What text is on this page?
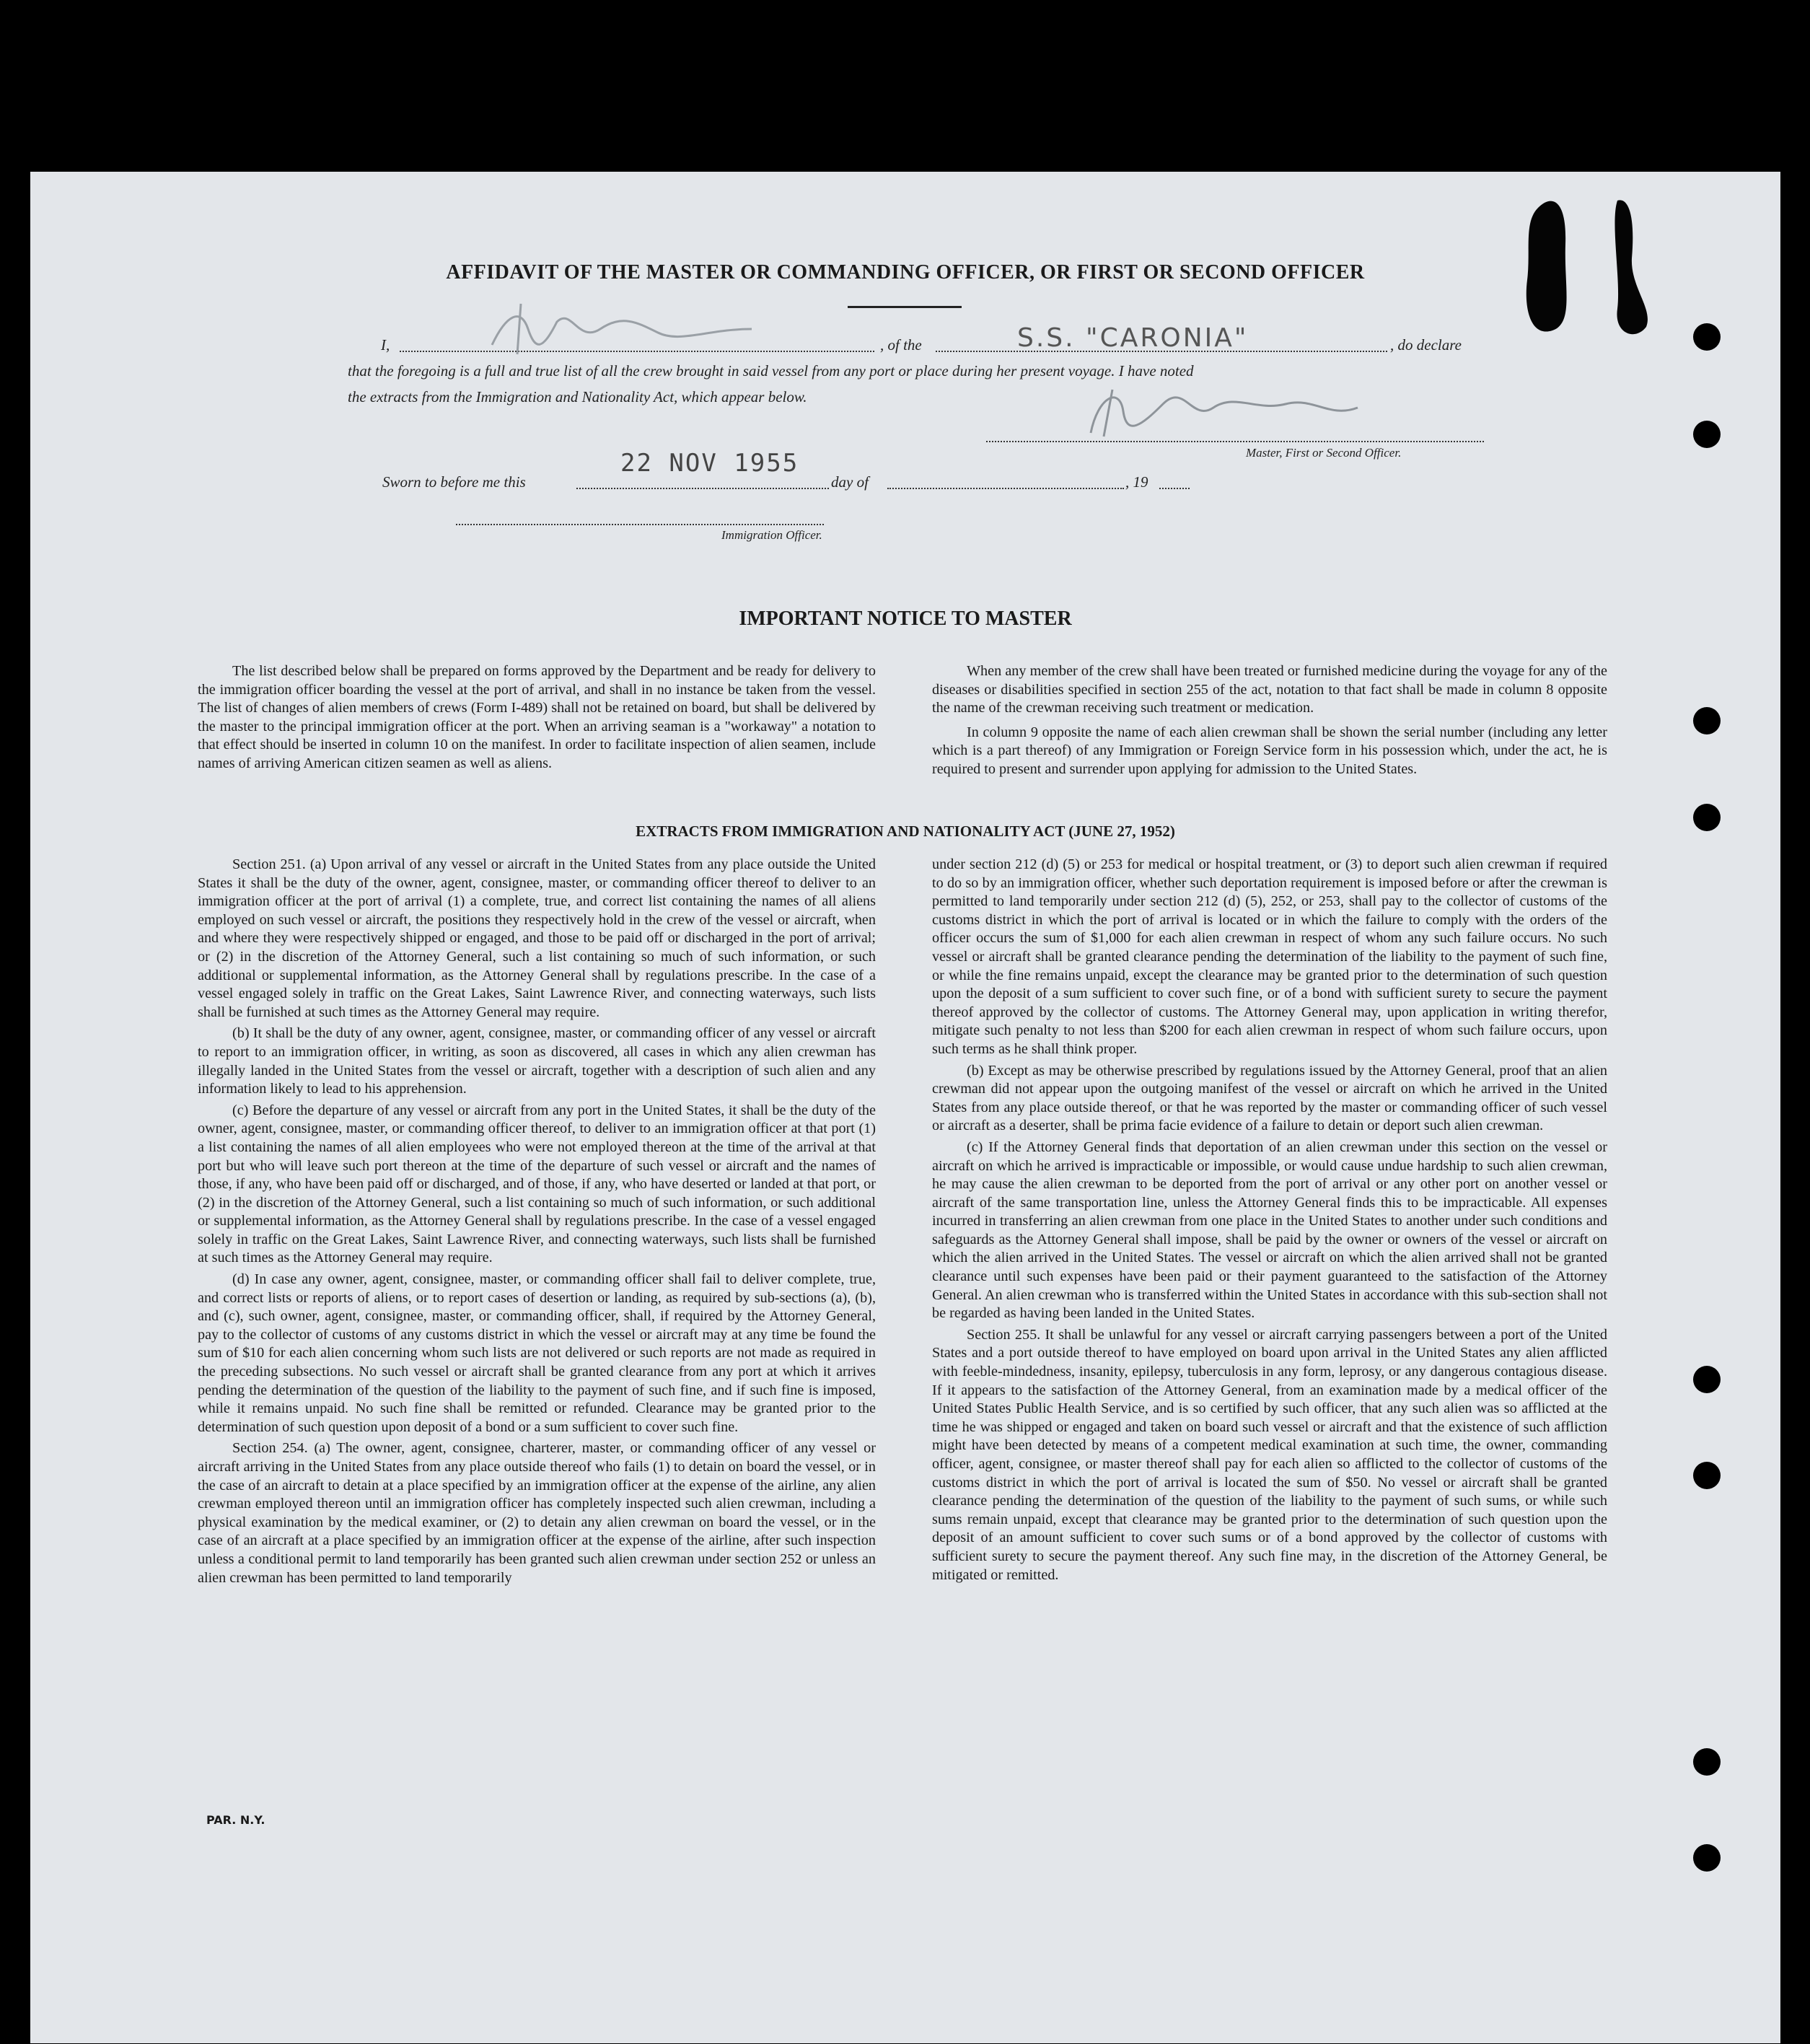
AFFIDAVIT OF THE MASTER OR COMMANDING OFFICER, OR FIRST OR SECOND OFFICER
I,	, of the	S.S. "CARONIA"	, do declare
that the foregoing is a full and true list of all the crew brought in said vessel from any port or place during her present voyage. I have noted
the extracts from the Immigration and Nationality Act, which appear below.
Master, First or Second Officer.
Sworn to before me this
22 NOV 1955
day of	, 19
Immigration Officer.
IMPORTANT NOTICE TO MASTER

The list described below shall be prepared on forms approved by the Department and be ready for delivery to the immigration officer boarding the vessel at the port of arrival, and shall in no instance be taken from the vessel. The list of changes of alien members of crews (Form I-489) shall not be retained on board, but shall be delivered by the master to the principal immigration officer at the port. When an arriving seaman is a "workaway" a notation to that effect should be inserted in column 10 on the manifest. In order to facilitate inspection of alien seamen, include names of arriving American citizen seamen as well as aliens.

When any member of the crew shall have been treated or furnished medicine during the voyage for any of the diseases or disabilities specified in section 255 of the act, notation to that fact shall be made in column 8 opposite the name of the crewman receiving such treatment or medication.

In column 9 opposite the name of each alien crewman shall be shown the serial number (including any letter which is a part thereof) of any Immigration or Foreign Service form in his possession which, under the act, he is required to present and surrender upon applying for admission to the United States.

EXTRACTS FROM IMMIGRATION AND NATIONALITY ACT (JUNE 27, 1952)

Section 251. (a) Upon arrival of any vessel or aircraft in the United States from any place outside the United States it shall be the duty of the owner, agent, consignee, master, or commanding officer thereof to deliver to an immigration officer at the port of arrival (1) a complete, true, and correct list containing the names of all aliens employed on such vessel or aircraft, the positions they respectively hold in the crew of the vessel or aircraft, when and where they were respectively shipped or engaged, and those to be paid off or discharged in the port of arrival; or (2) in the discretion of the Attorney General, such a list containing so much of such information, or such additional or supplemental information, as the Attorney General shall by regulations prescribe. In the case of a vessel engaged solely in traffic on the Great Lakes, Saint Lawrence River, and connecting waterways, such lists shall be furnished at such times as the Attorney General may require.

(b) It shall be the duty of any owner, agent, consignee, master, or commanding officer of any vessel or aircraft to report to an immigration officer, in writing, as soon as discovered, all cases in which any alien crewman has illegally landed in the United States from the vessel or aircraft, together with a description of such alien and any information likely to lead to his apprehension.

(c) Before the departure of any vessel or aircraft from any port in the United States, it shall be the duty of the owner, agent, consignee, master, or commanding officer thereof, to deliver to an immigration officer at that port (1) a list containing the names of all alien employees who were not employed thereon at the time of the arrival at that port but who will leave such port thereon at the time of the departure of such vessel or aircraft and the names of those, if any, who have been paid off or discharged, and of those, if any, who have deserted or landed at that port, or (2) in the discretion of the Attorney General, such a list containing so much of such information, or such additional or supplemental information, as the Attorney General shall by regulations prescribe. In the case of a vessel engaged solely in traffic on the Great Lakes, Saint Lawrence River, and connecting waterways, such lists shall be furnished at such times as the Attorney General may require.

(d) In case any owner, agent, consignee, master, or commanding officer shall fail to deliver complete, true, and correct lists or reports of aliens, or to report cases of desertion or landing, as required by sub-sections (a), (b), and (c), such owner, agent, consignee, master, or commanding officer, shall, if required by the Attorney General, pay to the collector of customs of any customs district in which the vessel or aircraft may at any time be found the sum of $10 for each alien concerning whom such lists are not delivered or such reports are not made as required in the preceding subsections. No such vessel or aircraft shall be granted clearance from any port at which it arrives pending the determination of the question of the liability to the payment of such fine, and if such fine is imposed, while it remains unpaid. No such fine shall be remitted or refunded. Clearance may be granted prior to the determination of such question upon deposit of a bond or a sum sufficient to cover such fine.

Section 254. (a) The owner, agent, consignee, charterer, master, or commanding officer of any vessel or aircraft arriving in the United States from any place outside thereof who fails (1) to detain on board the vessel, or in the case of an aircraft to detain at a place specified by an immigration officer at the expense of the airline, any alien crewman employed thereon until an immigration officer has completely inspected such alien crewman, including a physical examination by the medical examiner, or (2) to detain any alien crewman on board the vessel, or in the case of an aircraft at a place specified by an immigration officer at the expense of the airline, after such inspection unless a conditional permit to land temporarily has been granted such alien crewman under section 252 or unless an alien crewman has been permitted to land temporarily

under section 212 (d) (5) or 253 for medical or hospital treatment, or (3) to deport such alien crewman if required to do so by an immigration officer, whether such deportation requirement is imposed before or after the crewman is permitted to land temporarily under section 212 (d) (5), 252, or 253, shall pay to the collector of customs of the customs district in which the port of arrival is located or in which the failure to comply with the orders of the officer occurs the sum of $1,000 for each alien crewman in respect of whom any such failure occurs. No such vessel or aircraft shall be granted clearance pending the determination of the liability to the payment of such fine, or while the fine remains unpaid, except the clearance may be granted prior to the determination of such question upon the deposit of a sum sufficient to cover such fine, or of a bond with sufficient surety to secure the payment thereof approved by the collector of customs. The Attorney General may, upon application in writing therefor, mitigate such penalty to not less than $200 for each alien crewman in respect of whom such failure occurs, upon such terms as he shall think proper.

(b) Except as may be otherwise prescribed by regulations issued by the Attorney General, proof that an alien crewman did not appear upon the outgoing manifest of the vessel or aircraft on which he arrived in the United States from any place outside thereof, or that he was reported by the master or commanding officer of such vessel or aircraft as a deserter, shall be prima facie evidence of a failure to detain or deport such alien crewman.

(c) If the Attorney General finds that deportation of an alien crewman under this section on the vessel or aircraft on which he arrived is impracticable or impossible, or would cause undue hardship to such alien crewman, he may cause the alien crewman to be deported from the port of arrival or any other port on another vessel or aircraft of the same transportation line, unless the Attorney General finds this to be impracticable. All expenses incurred in transferring an alien crewman from one place in the United States to another under such conditions and safeguards as the Attorney General shall impose, shall be paid by the owner or owners of the vessel or aircraft on which the alien arrived in the United States. The vessel or aircraft on which the alien arrived shall not be granted clearance until such expenses have been paid or their payment guaranteed to the satisfaction of the Attorney General. An alien crewman who is transferred within the United States in accordance with this sub-section shall not be regarded as having been landed in the United States.

Section 255. It shall be unlawful for any vessel or aircraft carrying passengers between a port of the United States and a port outside thereof to have employed on board upon arrival in the United States any alien afflicted with feeble-mindedness, insanity, epilepsy, tuberculosis in any form, leprosy, or any dangerous contagious disease. If it appears to the satisfaction of the Attorney General, from an examination made by a medical officer of the United States Public Health Service, and is so certified by such officer, that any such alien was so afflicted at the time he was shipped or engaged and taken on board such vessel or aircraft and that the existence of such affliction might have been detected by means of a competent medical examination at such time, the owner, commanding officer, agent, consignee, or master thereof shall pay for each alien so afflicted to the collector of customs of the customs district in which the port of arrival is located the sum of $50. No vessel or aircraft shall be granted clearance pending the determination of the question of the liability to the payment of such sums, or while such sums remain unpaid, except that clearance may be granted prior to the determination of such question upon the deposit of an amount sufficient to cover such sums or of a bond approved by the collector of customs with sufficient surety to secure the payment thereof. Any such fine may, in the discretion of the Attorney General, be mitigated or remitted.

PAR. N.Y.
